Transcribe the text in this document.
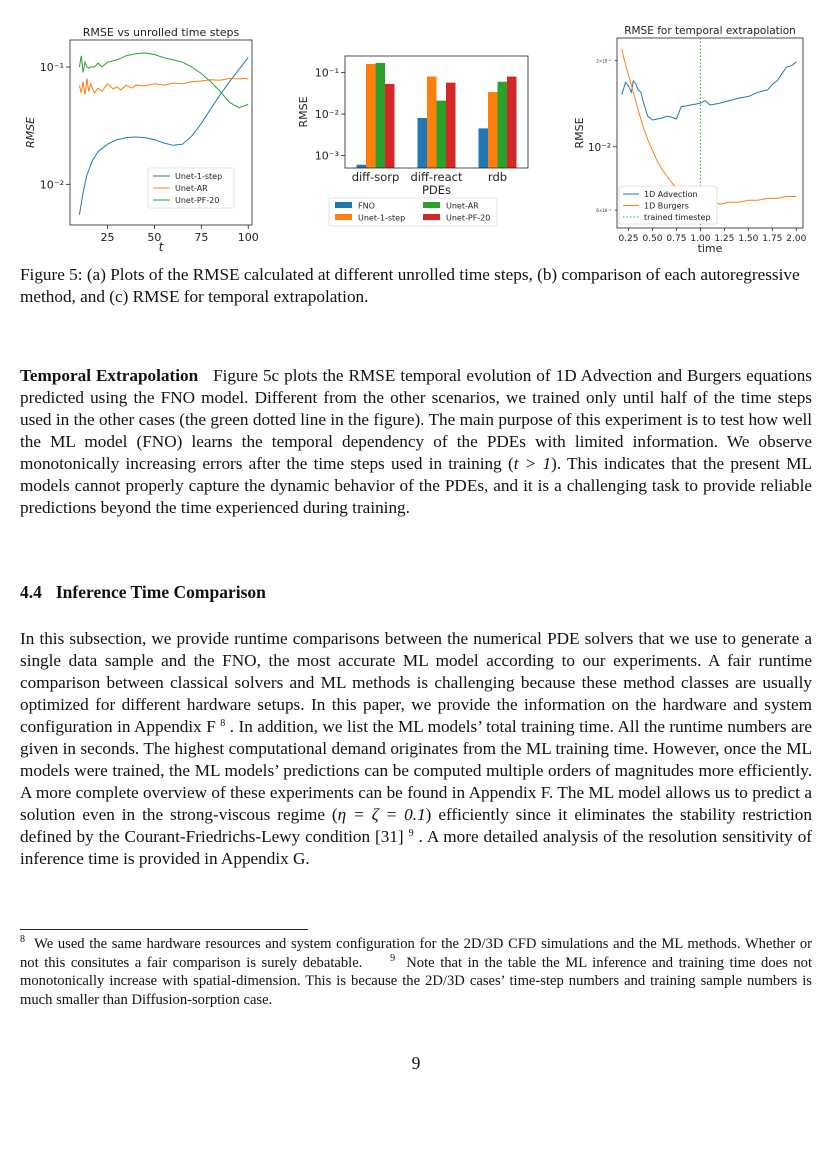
RMSE vs unrolled time steps
25	50	75	100
10⁻¹
10⁻²
t
RMSE
Unet-1-step
Unet-AR
Unet-PF-20
diff-sorp diff-react rdb
10⁻¹
10⁻²
10⁻³
PDEs
RMSE
FNO
Unet-1-step
Unet-AR
Unet-PF-20
RMSE for temporal extrapolation
0.25 0.50 0.75 1.00 1.25 1.50 1.75 2.00
2×10⁻²
10⁻²
6×10⁻³
time
RMSE
1D Advection
1D Burgers
trained timestep
Figure 5: (a) Plots of the RMSE calculated at different unrolled time steps, (b) comparison of each autoregressive method, and (c) RMSE for temporal extrapolation.

Temporal Extrapolation Figure 5c plots the RMSE temporal evolution of 1D Advection and Burgers equations predicted using the FNO model. Different from the other scenarios, we trained only until half of the time steps used in the other cases (the green dotted line in the figure). The main purpose of this experiment is to test how well the ML model (FNO) learns the temporal dependency of the PDEs with limited information. We observe monotonically increasing errors after the time steps used in training (t > 1). This indicates that the present ML models cannot properly capture the dynamic behavior of the PDEs, and it is a challenging task to provide reliable predictions beyond the time experienced during training.

4.4 Inference Time Comparison

In this subsection, we provide runtime comparisons between the numerical PDE solvers that we use to generate a single data sample and the FNO, the most accurate ML model according to our experiments. A fair runtime comparison between classical solvers and ML methods is challenging because these method classes are usually optimized for different hardware setups. In this paper, we provide the information on the hardware and system configuration in Appendix F $^8$ . In addition, we list the ML models’ total training time. All the runtime numbers are given in seconds. The highest computational demand originates from the ML training time. However, once the ML models were trained, the ML models’ predictions can be computed multiple orders of magnitudes more efficiently. A more complete overview of these experiments can be found in Appendix F. The ML model allows us to predict a solution even in the strong-viscous regime (η = ζ = 0.1) efficiently since it eliminates the stability restriction defined by the Courant-Friedrichs-Lewy condition [31] $^9$ . A more detailed analysis of the resolution sensitivity of inference time is provided in Appendix G.

$^8$ We used the same hardware resources and system configuration for the 2D/3D CFD simulations and the ML methods. Whether or not this consitutes a fair comparison is surely debatable.	$^9$ Note that in the table the ML inference and training time does not monotonically increase with spatial-dimension. This is because the 2D/3D cases’ time-step numbers and training sample numbers is much smaller than Diffusion-sorption case.

9
